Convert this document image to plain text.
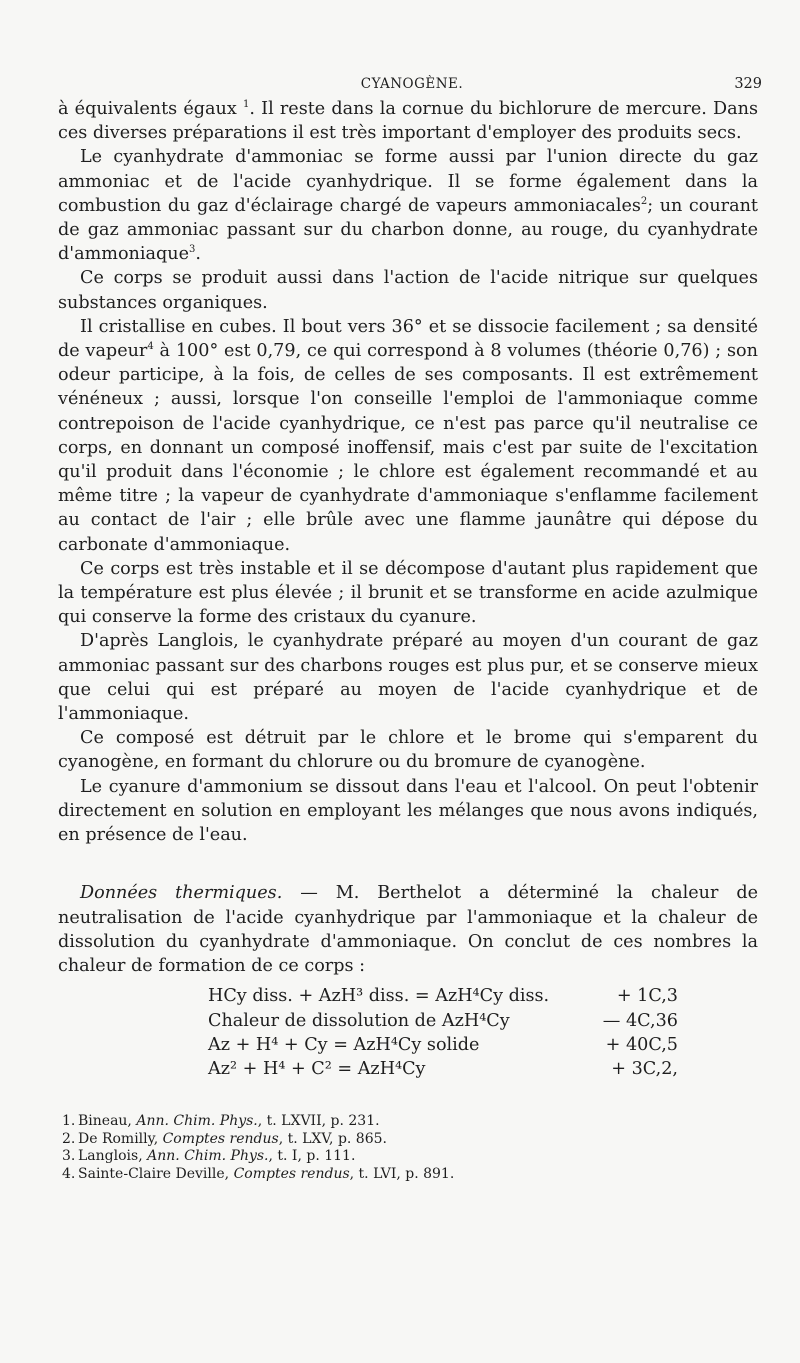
CYANOGÈNE.	329

à équivalents égaux $^1$. Il reste dans la cornue du bichlorure de mercure. Dans ces diverses préparations il est très important d'employer des produits secs.

Le cyanhydrate d'ammoniac se forme aussi par l'union directe du gaz ammoniac et de l'acide cyanhydrique. Il se forme également dans la combustion du gaz d'éclairage chargé de vapeurs ammoniacales$^2$; un courant de gaz ammoniac passant sur du charbon donne, au rouge, du cyanhydrate d'ammoniaque$^3$.

Ce corps se produit aussi dans l'action de l'acide nitrique sur quelques substances organiques.

Il cristallise en cubes. Il bout vers 36° et se dissocie facilement ; sa densité de vapeur$^4$ à 100° est 0,79, ce qui correspond à 8 volumes (théorie 0,76) ; son odeur participe, à la fois, de celles de ses composants. Il est extrêmement vénéneux ; aussi, lorsque l'on conseille l'emploi de l'ammoniaque comme contrepoison de l'acide cyanhydrique, ce n'est pas parce qu'il neutralise ce corps, en donnant un composé inoffensif, mais c'est par suite de l'excitation qu'il produit dans l'économie ; le chlore est également recommandé et au même titre ; la vapeur de cyanhydrate d'ammoniaque s'enflamme facilement au contact de l'air ; elle brûle avec une flamme jaunâtre qui dépose du carbonate d'ammoniaque.

Ce corps est très instable et il se décompose d'autant plus rapidement que la température est plus élevée ; il brunit et se transforme en acide azulmique qui conserve la forme des cristaux du cyanure.

D'après Langlois, le cyanhydrate préparé au moyen d'un courant de gaz ammoniac passant sur des charbons rouges est plus pur, et se conserve mieux que celui qui est préparé au moyen de l'acide cyanhydrique et de l'ammoniaque.

Ce composé est détruit par le chlore et le brome qui s'emparent du cyanogène, en formant du chlorure ou du bromure de cyanogène.

Le cyanure d'ammonium se dissout dans l'eau et l'alcool. On peut l'obtenir directement en solution en employant les mélanges que nous avons indiqués, en présence de l'eau.

Données thermiques. — M. Berthelot a déterminé la chaleur de neutralisation de l'acide cyanhydrique par l'ammoniaque et la chaleur de dissolution du cyanhydrate d'ammoniaque. On conclut de ces nombres la chaleur de formation de ce corps :

HCy diss. + AzH³ diss. = AzH⁴Cy diss.	+ 1C,3
Chaleur de dissolution de AzH⁴Cy	— 4C,36
Az + H⁴ + Cy = AzH⁴Cy solide	+ 40C,5
Az² + H⁴ + C² = AzH⁴Cy	+ 3C,2,
1. Bineau, Ann. Chim. Phys., t. LXVII, p. 231.
2. De Romilly, Comptes rendus, t. LXV, p. 865.
3. Langlois, Ann. Chim. Phys., t. I, p. 111.
4. Sainte-Claire Deville, Comptes rendus, t. LVI, p. 891.
